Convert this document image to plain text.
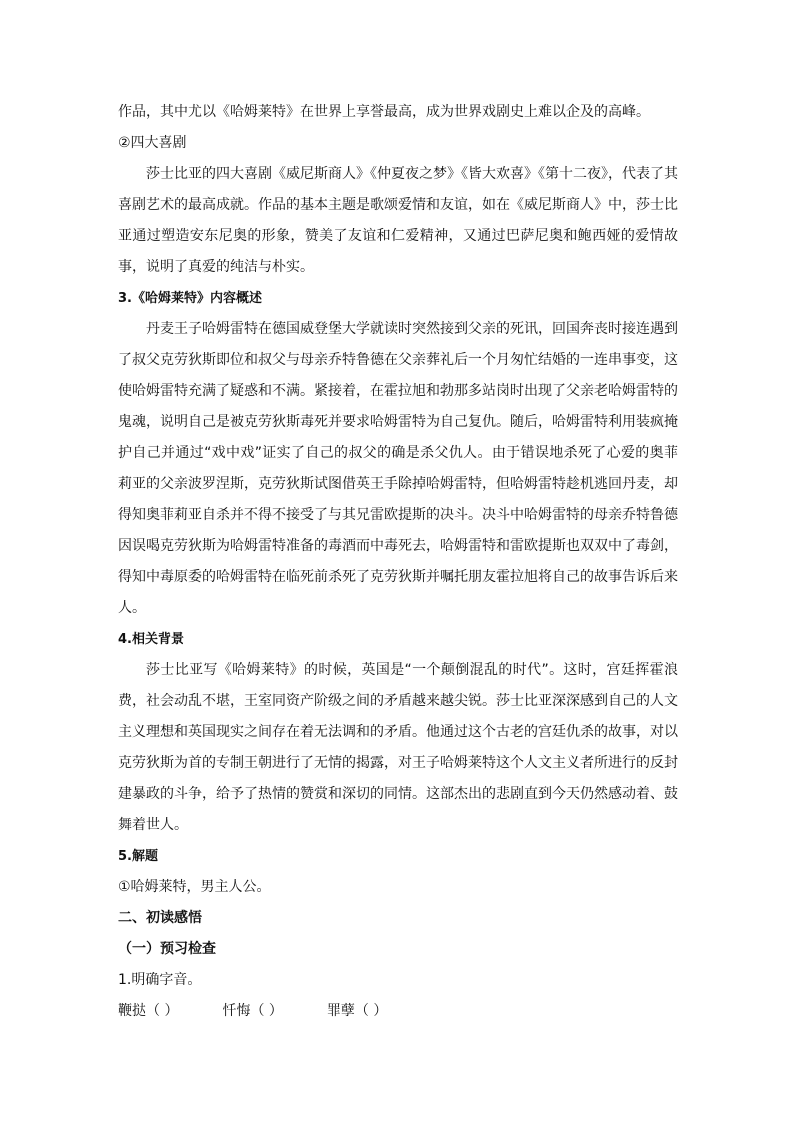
作品，其中尤以《哈姆莱特》在世界上享誉最高，成为世界戏剧史上难以企及的高峰。

②四大喜剧

莎士比亚的四大喜剧《威尼斯商人》《仲夏夜之梦》《皆大欢喜》《第十二夜》，代表了其喜剧艺术的最高成就。作品的基本主题是歌颂爱情和友谊，如在《威尼斯商人》中，莎士比亚通过塑造安东尼奥的形象，赞美了友谊和仁爱精神，又通过巴萨尼奥和鲍西娅的爱情故事，说明了真爱的纯洁与朴实。

3.《哈姆莱特》内容概述

丹麦王子哈姆雷特在德国威登堡大学就读时突然接到父亲的死讯，回国奔丧时接连遇到了叔父克劳狄斯即位和叔父与母亲乔特鲁德在父亲葬礼后一个月匆忙结婚的一连串事变，这使哈姆雷特充满了疑惑和不满。紧接着，在霍拉旭和勃那多站岗时出现了父亲老哈姆雷特的鬼魂，说明自己是被克劳狄斯毒死并要求哈姆雷特为自己复仇。随后，哈姆雷特利用装疯掩护自己并通过“戏中戏”证实了自己的叔父的确是杀父仇人。由于错误地杀死了心爱的奥菲莉亚的父亲波罗涅斯，克劳狄斯试图借英王手除掉哈姆雷特，但哈姆雷特趁机逃回丹麦，却得知奥菲莉亚自杀并不得不接受了与其兄雷欧提斯的决斗。决斗中哈姆雷特的母亲乔特鲁德因误喝克劳狄斯为哈姆雷特准备的毒酒而中毒死去，哈姆雷特和雷欧提斯也双双中了毒剑，得知中毒原委的哈姆雷特在临死前杀死了克劳狄斯并嘱托朋友霍拉旭将自己的故事告诉后来人。

4.相关背景

莎士比亚写《哈姆莱特》的时候，英国是“一个颠倒混乱的时代”。这时，宫廷挥霍浪费，社会动乱不堪，王室同资产阶级之间的矛盾越来越尖锐。莎士比亚深深感到自己的人文主义理想和英国现实之间存在着无法调和的矛盾。他通过这个古老的宫廷仇杀的故事，对以克劳狄斯为首的专制王朝进行了无情的揭露，对王子哈姆莱特这个人文主义者所进行的反封建暴政的斗争，给予了热情的赞赏和深切的同情。这部杰出的悲剧直到今天仍然感动着、鼓舞着世人。

5.解题

①哈姆莱特，男主人公。

二、初读感悟

（一）预习检查

1.明确字音。

鞭挞（ ）	忏悔（ ）	罪孽（ ）
